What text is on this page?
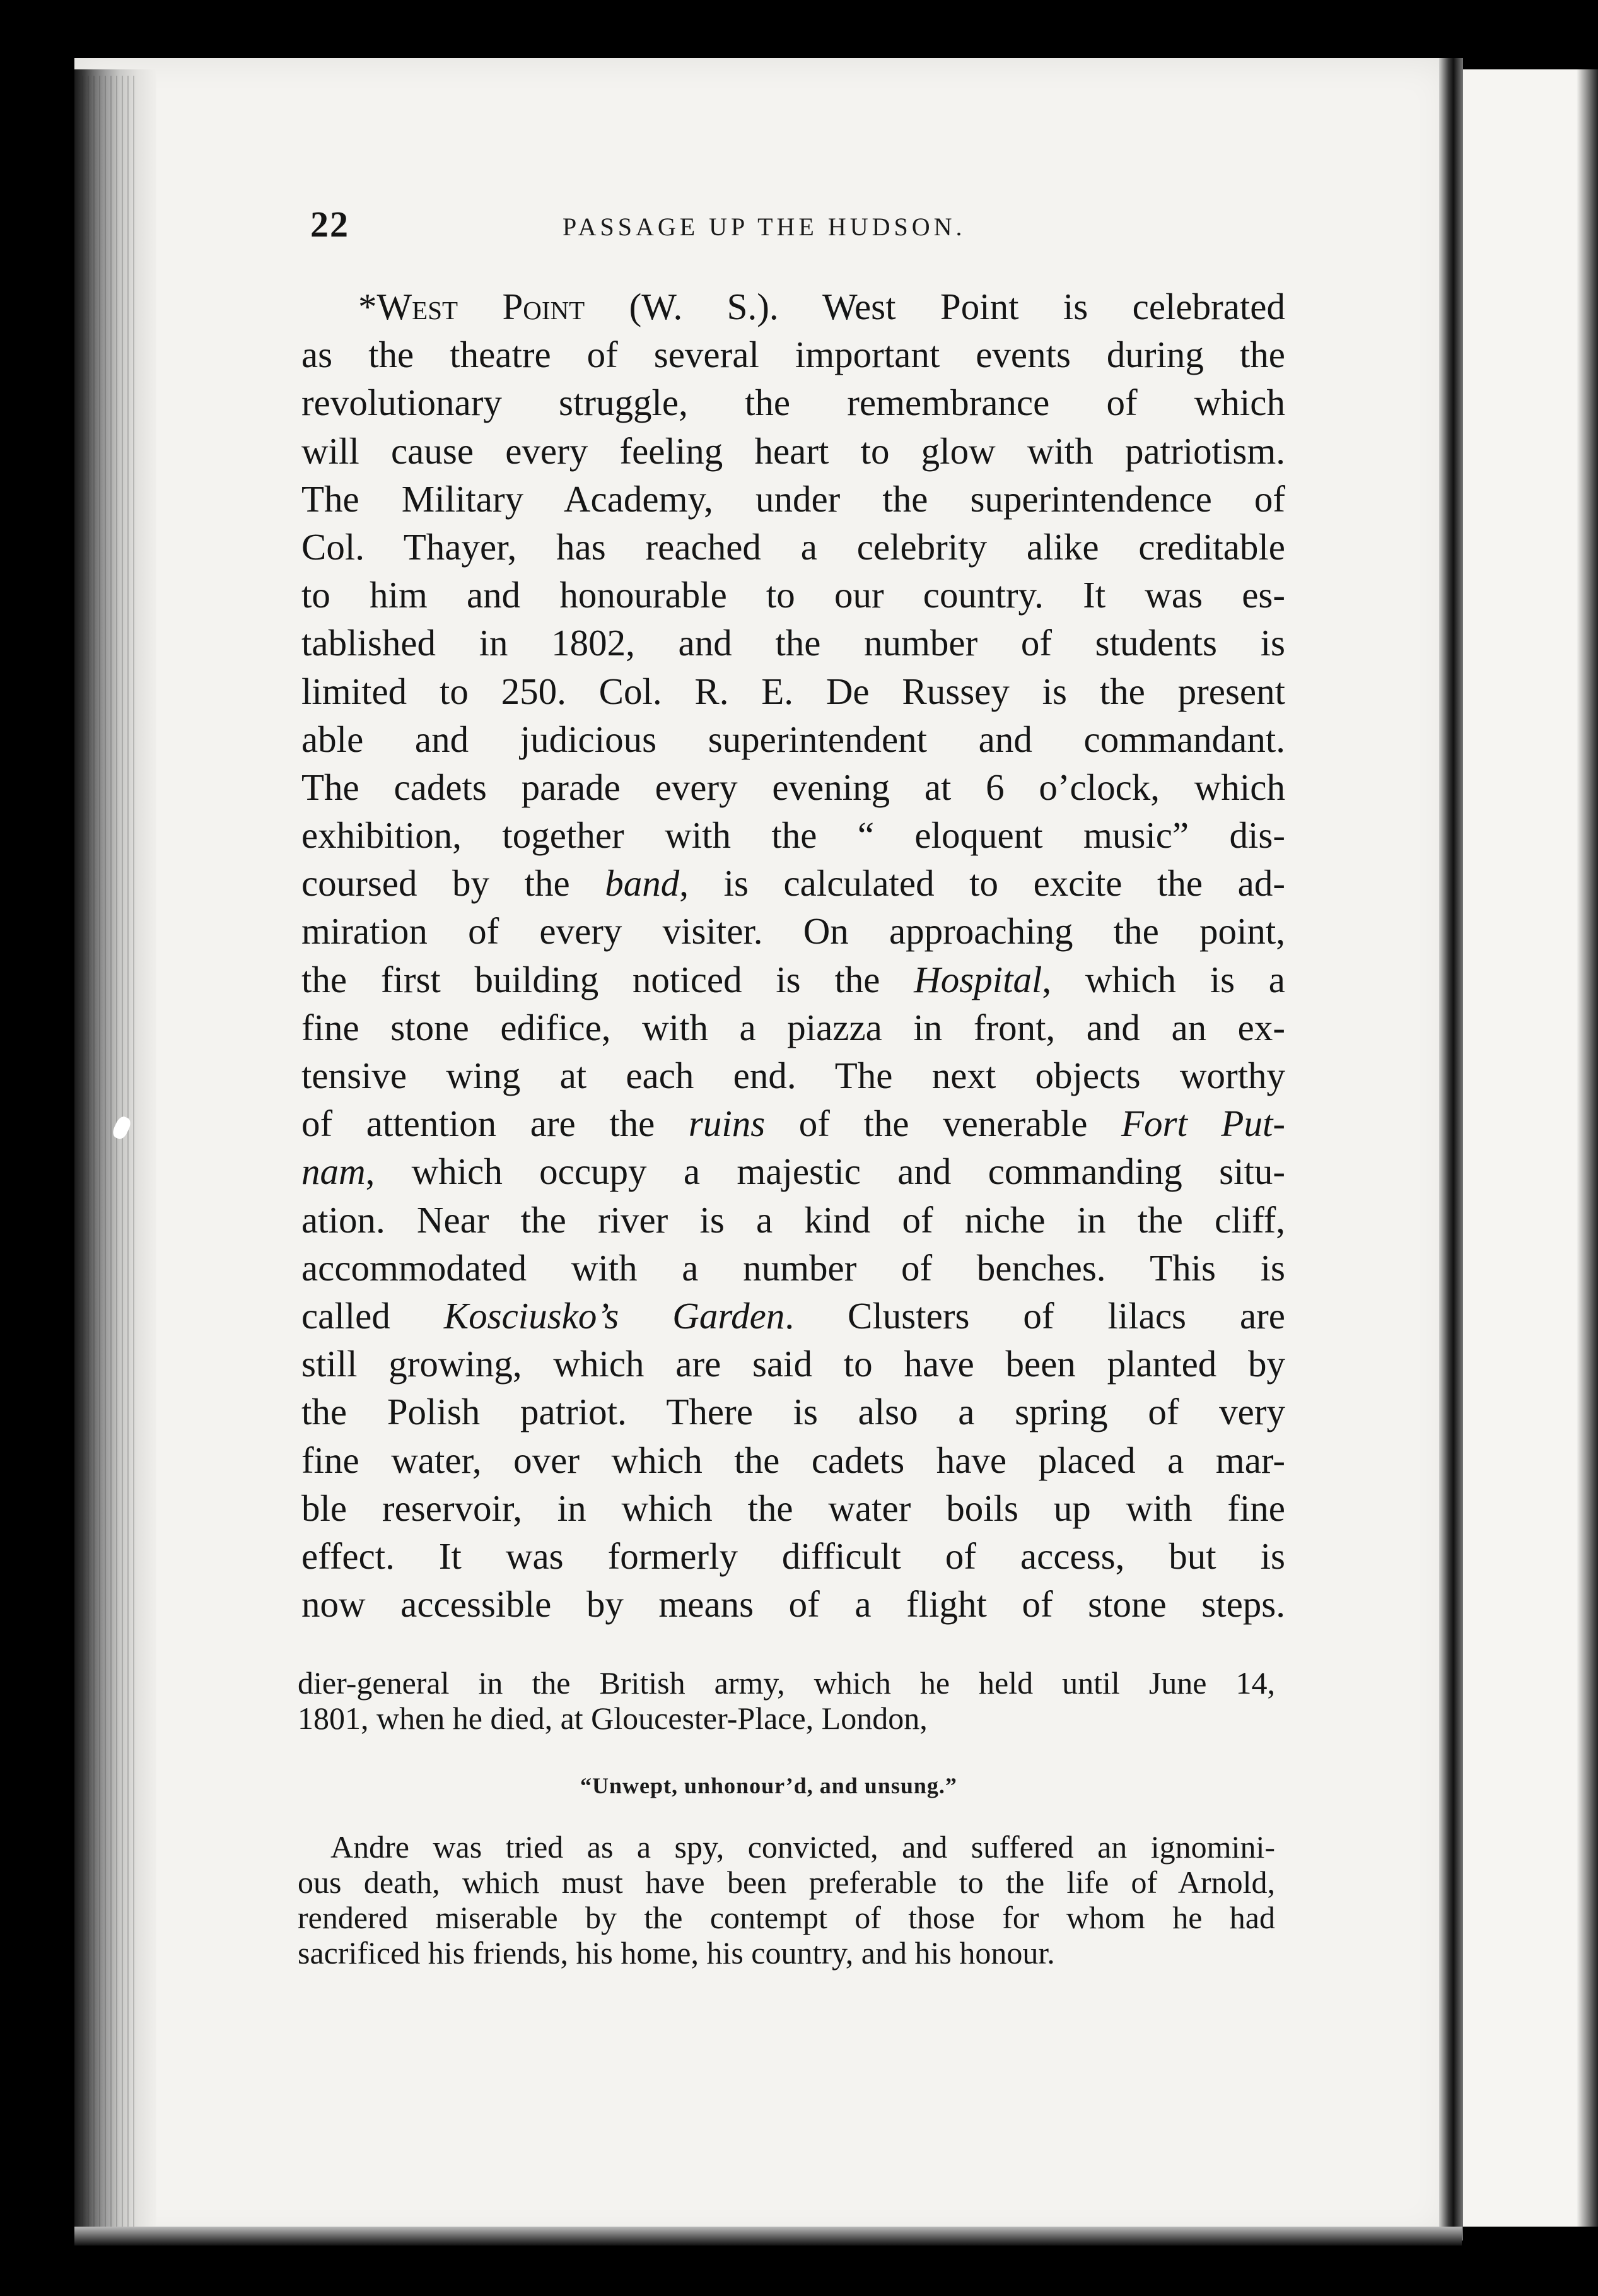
22	PASSAGE UP THE HUDSON.
*West Point (W. S.). West Point is celebrated
as the theatre of several important events during the
revolutionary struggle, the remembrance of which
will cause every feeling heart to glow with patriotism.
The Military Academy, under the superintendence of
Col. Thayer, has reached a celebrity alike creditable
to him and honourable to our country. It was es-
tablished in 1802, and the number of students is
limited to 250. Col. R. E. De Russey is the present
able and judicious superintendent and commandant.
The cadets parade every evening at 6 o’clock, which
exhibition, together with the “ eloquent music” dis-
coursed by the band, is calculated to excite the ad-
miration of every visiter. On approaching the point,
the first building noticed is the Hospital, which is a
fine stone edifice, with a piazza in front, and an ex-
tensive wing at each end. The next objects worthy
of attention are the ruins of the venerable Fort Put-
nam, which occupy a majestic and commanding situ-
ation. Near the river is a kind of niche in the cliff,
accommodated with a number of benches. This is
called Kosciusko’s Garden. Clusters of lilacs are
still growing, which are said to have been planted by
the Polish patriot. There is also a spring of very
fine water, over which the cadets have placed a mar-
ble reservoir, in which the water boils up with fine
effect. It was formerly difficult of access, but is
now accessible by means of a flight of stone steps.
dier-general in the British army, which he held until June 14,
1801, when he died, at Gloucester-Place, London,
“Unwept, unhonour’d, and unsung.”
Andre was tried as a spy, convicted, and suffered an ignomini-
ous death, which must have been preferable to the life of Arnold,
rendered miserable by the contempt of those for whom he had
sacrificed his friends, his home, his country, and his honour.
